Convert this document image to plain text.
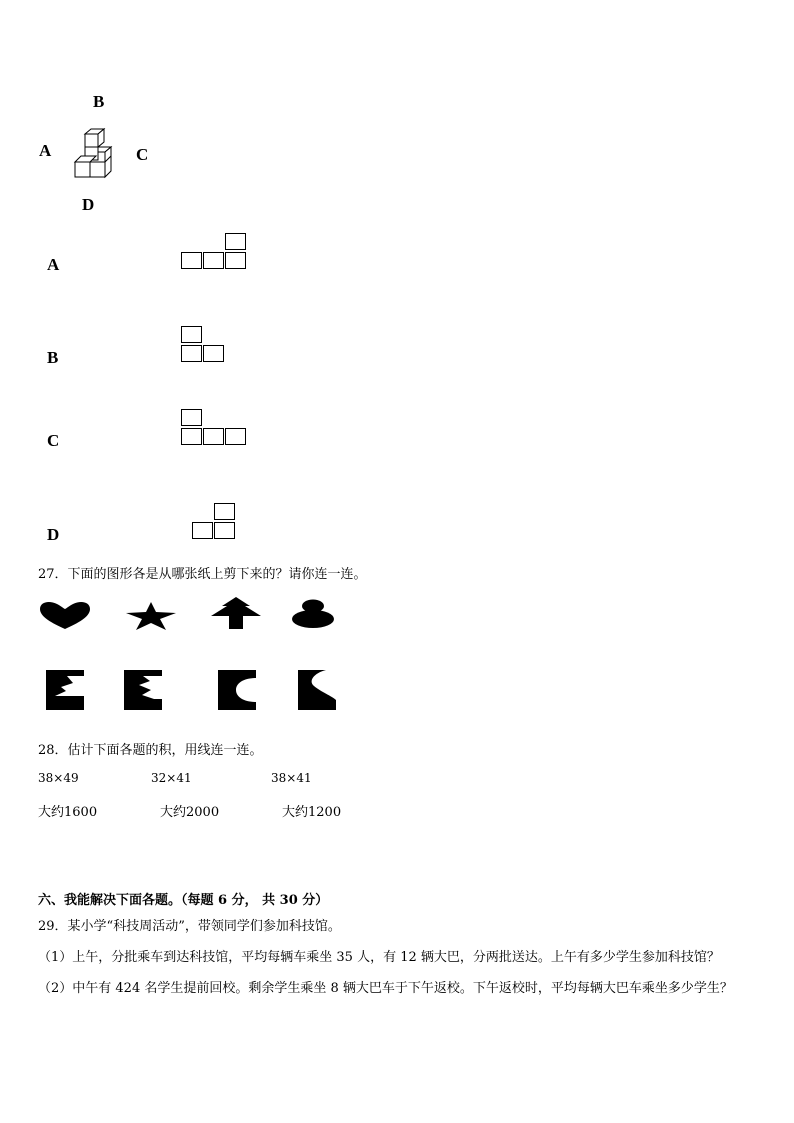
B
A	C
D
A
B
C
D
27．下面的图形各是从哪张纸上剪下来的？请你连一连。
28．估计下面各题的积，用线连一连。
38×49	32×41	38×41
大约1600	大约2000	大约1200
六、我能解决下面各题。（每题 6 分， 共 30 分）
29．某小学“科技周活动”，带领同学们参加科技馆。
（1）上午，分批乘车到达科技馆，平均每辆车乘坐 35 人，有 12 辆大巴，分两批送达。上午有多少学生参加科技馆？
（2）中午有 424 名学生提前回校。剩余学生乘坐 8 辆大巴车于下午返校。下午返校时，平均每辆大巴车乘坐多少学生？
